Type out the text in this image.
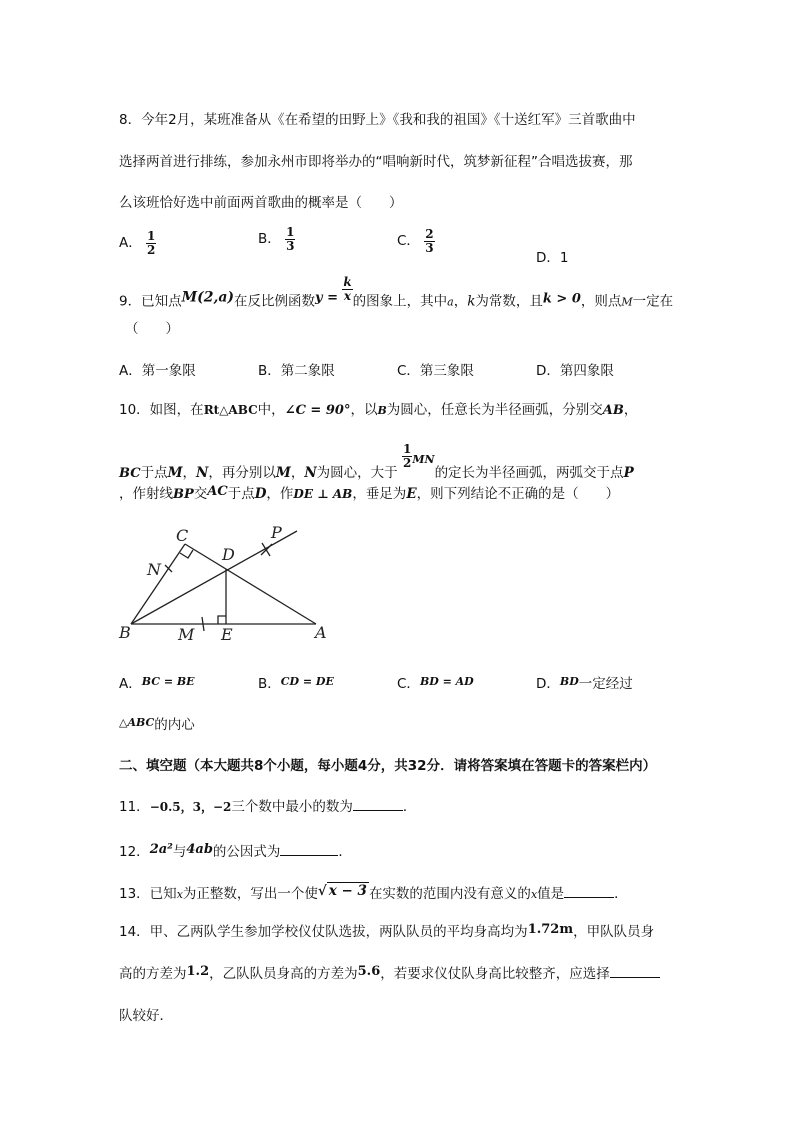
8．今年2月，某班准备从《在希望的田野上》《我和我的祖国》《十送红军》三首歌曲中
选择两首进行排练，参加永州市即将举办的“唱响新时代，筑梦新征程”合唱选拔赛，那
么该班恰好选中前面两首歌曲的概率是（　　）
A． $\frac{1}{2}$	B． $\frac{1}{3}$	C． $\frac{2}{3}$
D．1
9．已知点M(2,a)在反比例函数$y = \frac{k}{x}$ 的图象上，其中a，k为常数，且k > 0，则点M一定在
（　　）
A．第一象限	B．第二象限	C．第三象限	D．第四象限
10．如图，在Rt△ABC中，∠C = 90°，以B为圆心，任意长为半径画弧，分别交AB，
BC于点M，N，再分别以M，N为圆心，大于
$\frac{1}{2} ^{MN}$的定长为半径画弧，两弧交于点P
，作射线BP交AC于点D，作DE ⊥ AB，垂足为E，则下列结论不正确的是（　　）
C	P
N
D
B	M E	A
A．$^{BC = BE}$	B．$^{CD = DE}$	C．$^{BD = AD}$	D．$^{BD}$一定经过
$^{\triangle ABC}$的内心
二、填空题（本大题共8个小题，每小题4分，共32分．请将答案填在答题卡的答案栏内）
11．−0.5，3，−2三个数中最小的数为	．
12．2a²与4ab的公因式为	．
13．已知x为正整数，写出一个使√ x − 3 在实数的范围内没有意义的x值是	．
14．甲、乙两队学生参加学校仪仗队选拔，两队队员的平均身高均为1.72m，甲队队员身
高的方差为1.2，乙队队员身高的方差为5.6，若要求仪仗队身高比较整齐，应选择
队较好．
